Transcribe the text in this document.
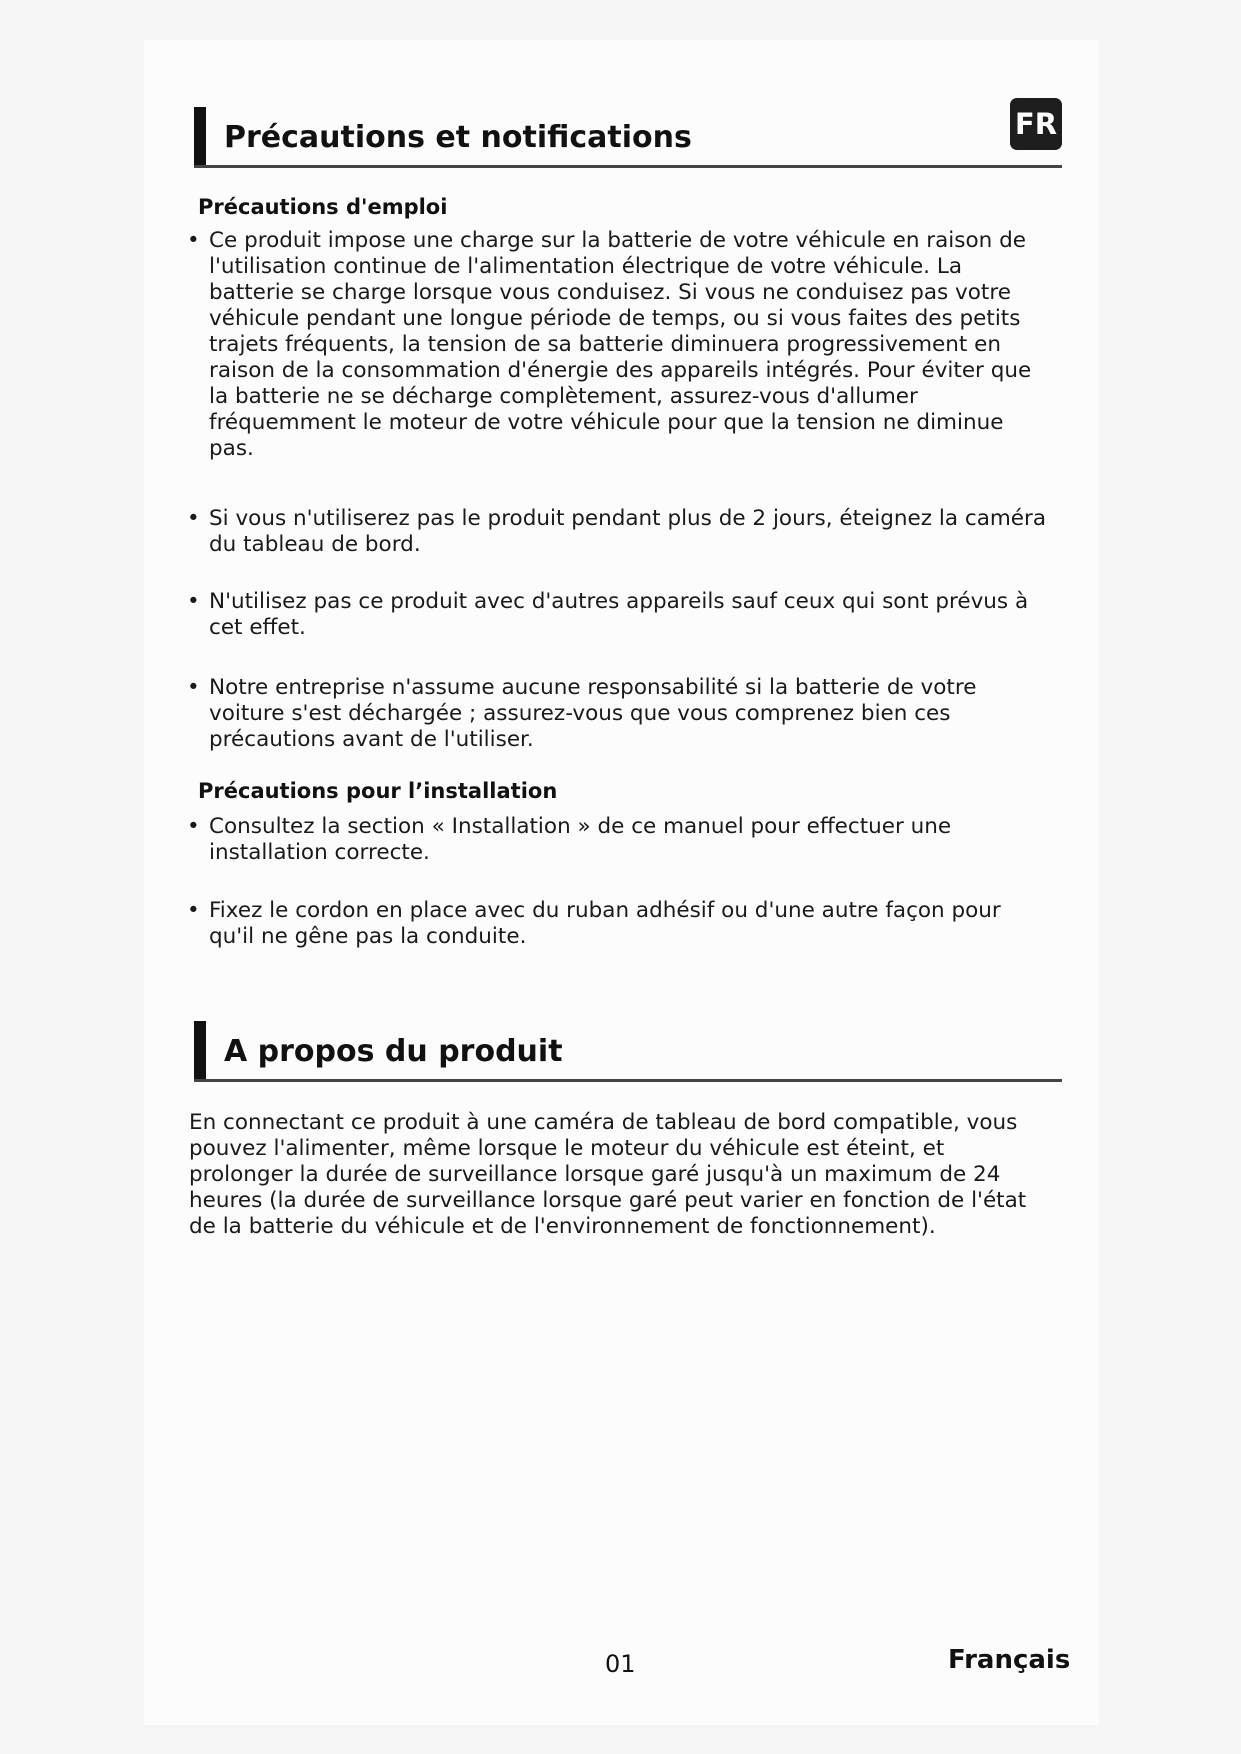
Précautions et notifications	FR
Précautions d'emploi
• Ce produit impose une charge sur la batterie de votre véhicule en raison de l'utilisation continue de l'alimentation électrique de votre véhicule. La batterie se charge lorsque vous conduisez. Si vous ne conduisez pas votre véhicule pendant une longue période de temps, ou si vous faites des petits trajets fréquents, la tension de sa batterie diminuera progressivement en raison de la consommation d'énergie des appareils intégrés. Pour éviter que la batterie ne se décharge complètement, assurez-vous d'allumer fréquemment le moteur de votre véhicule pour que la tension ne diminue pas.
• Si vous n'utiliserez pas le produit pendant plus de 2 jours, éteignez la caméra du tableau de bord.
• N'utilisez pas ce produit avec d'autres appareils sauf ceux qui sont prévus à cet effet.
• Notre entreprise n'assume aucune responsabilité si la batterie de votre voiture s'est déchargée ; assurez-vous que vous comprenez bien ces précautions avant de l'utiliser.
Précautions pour l’installation
• Consultez la section « Installation » de ce manuel pour effectuer une installation correcte.
• Fixez le cordon en place avec du ruban adhésif ou d'une autre façon pour qu'il ne gêne pas la conduite.
A propos du produit
En connectant ce produit à une caméra de tableau de bord compatible, vous pouvez l'alimenter, même lorsque le moteur du véhicule est éteint, et prolonger la durée de surveillance lorsque garé jusqu'à un maximum de 24 heures (la durée de surveillance lorsque garé peut varier en fonction de l'état de la batterie du véhicule et de l'environnement de fonctionnement).
01	Français
